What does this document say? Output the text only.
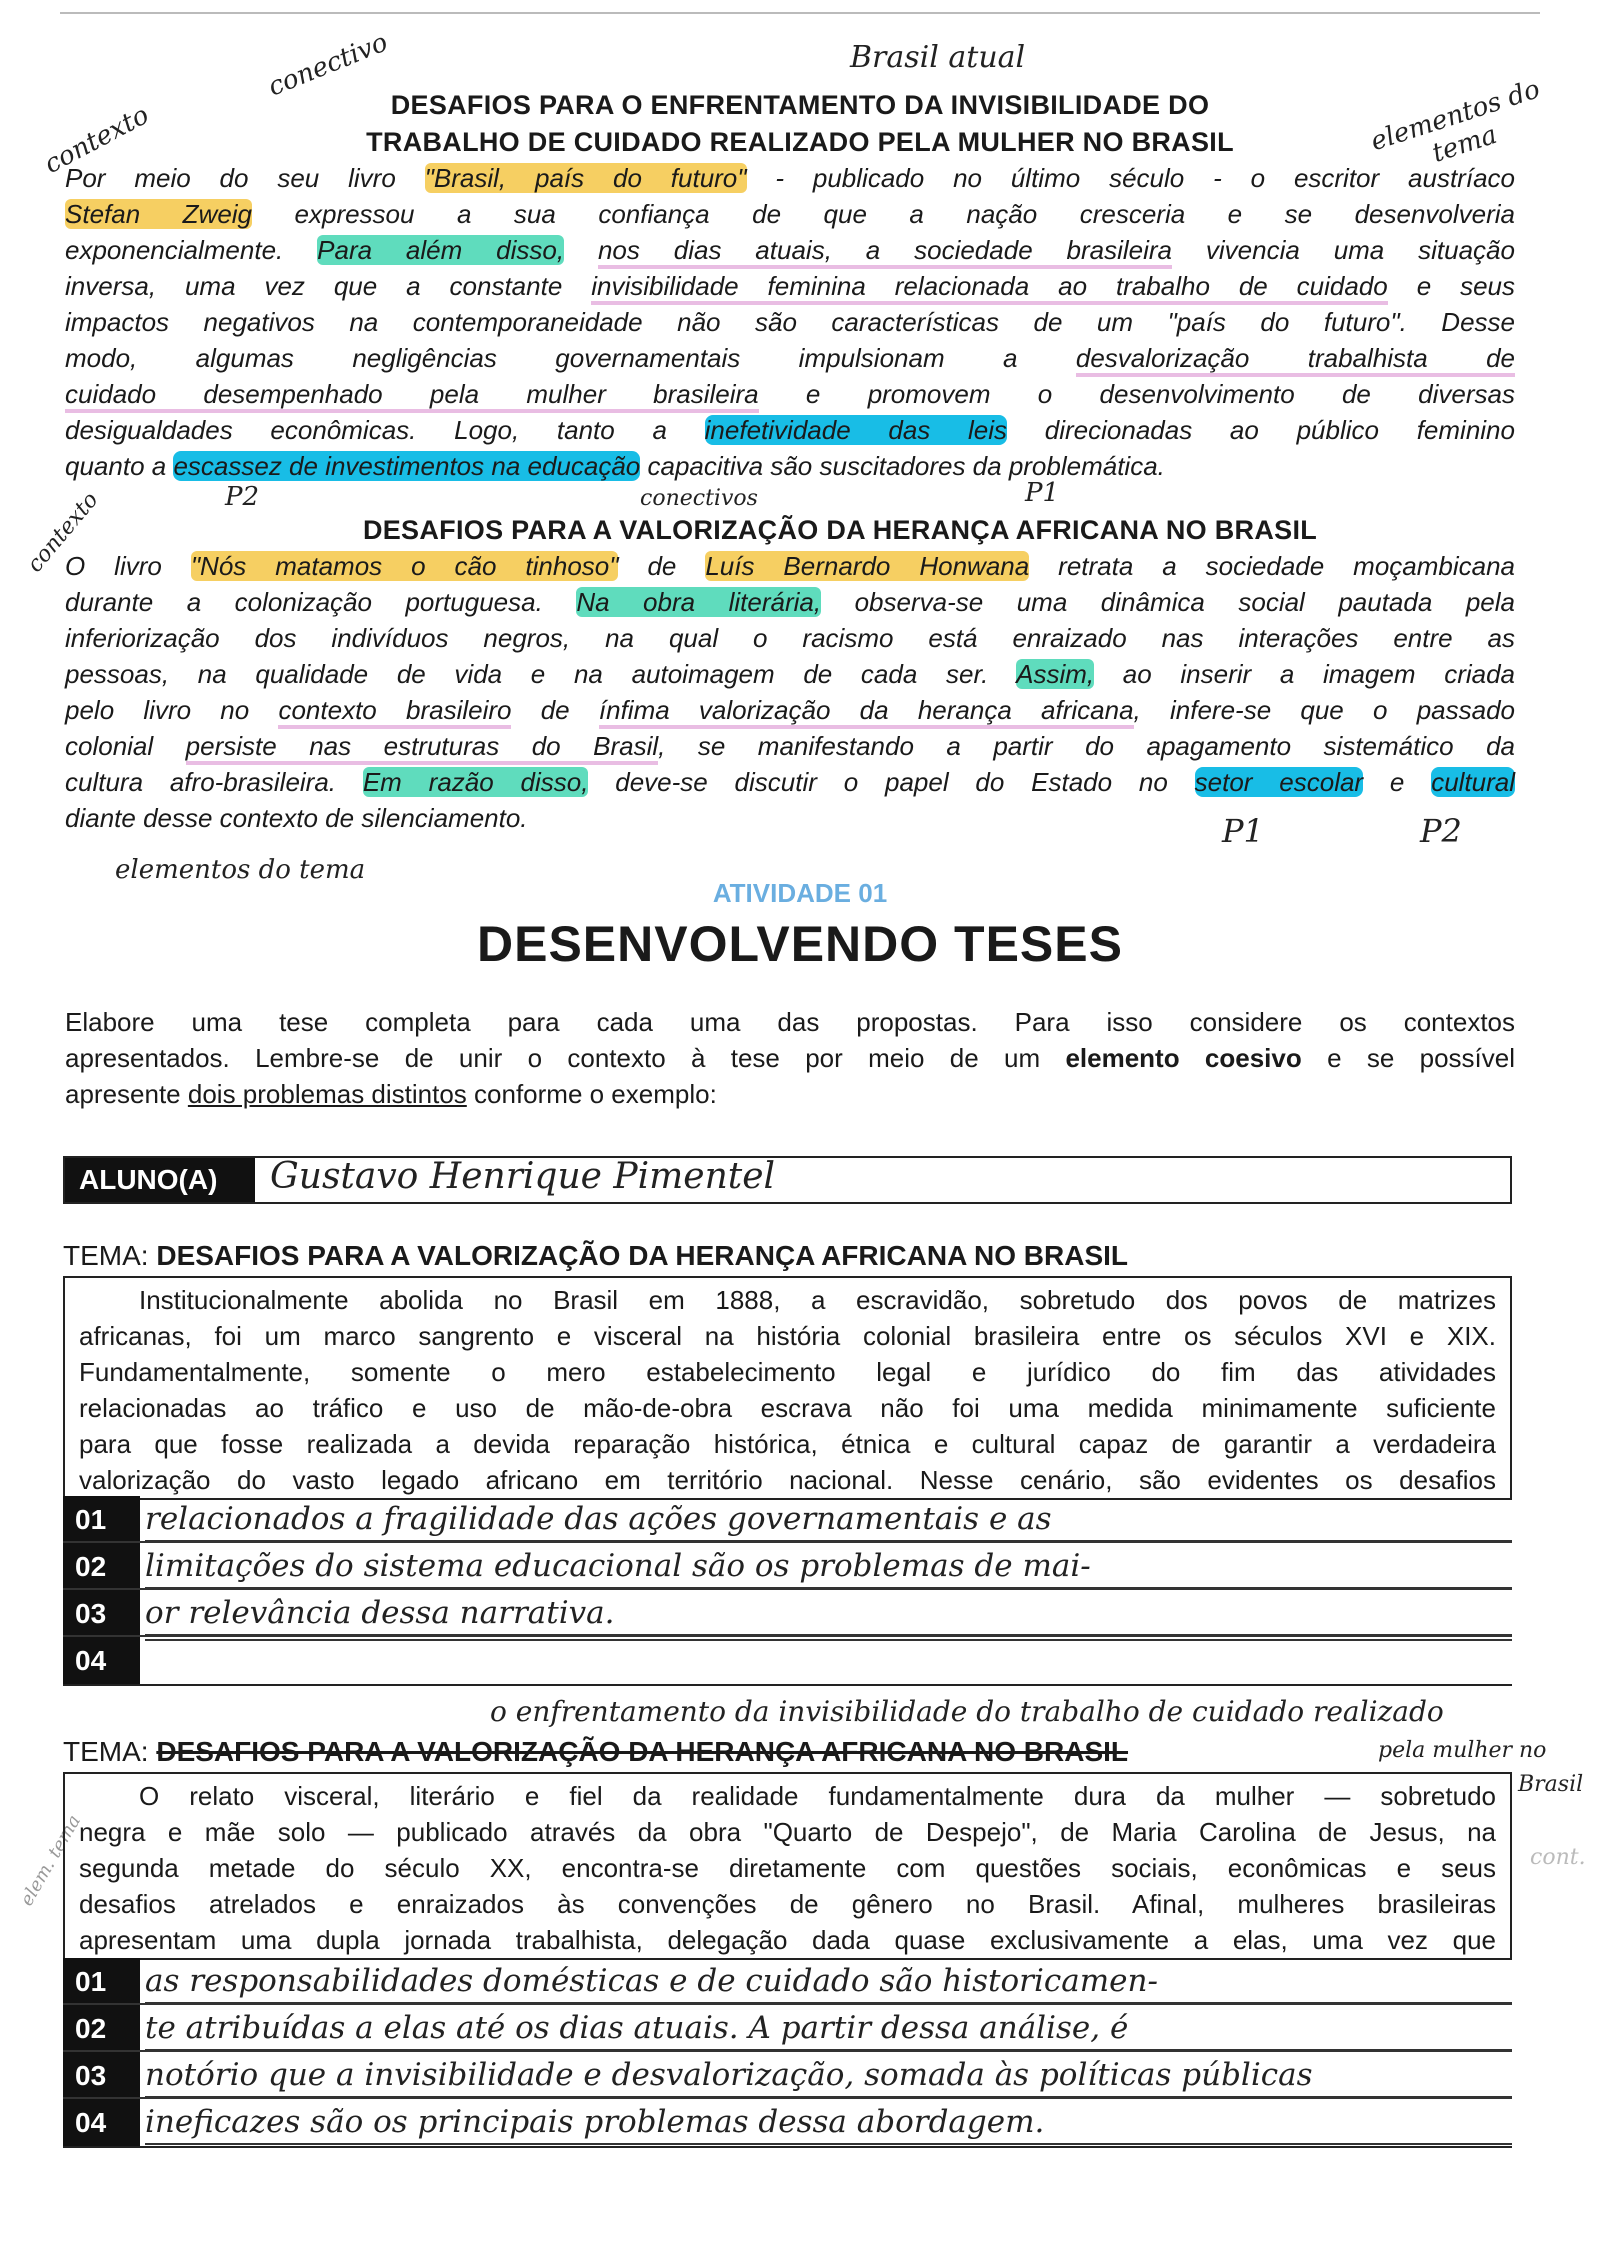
DESAFIOS PARA O ENFRENTAMENTO DA INVISIBILIDADE DO
TRABALHO DE CUIDADO REALIZADO PELA MULHER NO BRASIL
Por meio do seu livro "Brasil, país do futuro" - publicado no último século - o escritor austríaco
Stefan Zweig expressou a sua confiança de que a nação cresceria e se desenvolveria
exponencialmente. Para além disso, nos dias atuais, a sociedade brasileira vivencia uma situação
inversa, uma vez que a constante invisibilidade feminina relacionada ao trabalho de cuidado e seus
impactos negativos na contemporaneidade não são características de um "país do futuro". Desse
modo, algumas negligências governamentais impulsionam a desvalorização trabalhista de
cuidado desempenhado pela mulher brasileira e promovem o desenvolvimento de diversas
desigualdades econômicas. Logo, tanto a inefetividade das leis direcionadas ao público feminino
quanto a escassez de investimentos na educação capacitiva são suscitadores da problemática.
DESAFIOS PARA A VALORIZAÇÃO DA HERANÇA AFRICANA NO BRASIL
O livro "Nós matamos o cão tinhoso" de Luís Bernardo Honwana retrata a sociedade moçambicana
durante a colonização portuguesa. Na obra literária, observa-se uma dinâmica social pautada pela
inferiorização dos indivíduos negros, na qual o racismo está enraizado nas interações entre as
pessoas, na qualidade de vida e na autoimagem de cada ser. Assim, ao inserir a imagem criada
pelo livro no contexto brasileiro de ínfima valorização da herança africana, infere-se que o passado
colonial persiste nas estruturas do Brasil, se manifestando a partir do apagamento sistemático da
cultura afro-brasileira. Em razão disso, deve-se discutir o papel do Estado no setor escolar e cultural
diante desse contexto de silenciamento.
conectivo	Brasil atual
contexto	elementos do tema
P2	P1
conectivos
contexto
P1	P2
elementos do tema
elem. tema	cont.
ATIVIDADE 01
DESENVOLVENDO TESES
Elabore uma tese completa para cada uma das propostas. Para isso considere os contextos
apresentados. Lembre-se de unir o contexto à tese por meio de um elemento coesivo e se possível
apresente dois problemas distintos conforme o exemplo:
ALUNO(A)	Gustavo Henrique Pimentel
TEMA: DESAFIOS PARA A VALORIZAÇÃO DA HERANÇA AFRICANA NO BRASIL
Institucionalmente abolida no Brasil em 1888, a escravidão, sobretudo dos povos de matrizes
africanas, foi um marco sangrento e visceral na história colonial brasileira entre os séculos XVI e XIX.
Fundamentalmente, somente o mero estabelecimento legal e jurídico do fim das atividades
relacionadas ao tráfico e uso de mão-de-obra escrava não foi uma medida minimamente suficiente
para que fosse realizada a devida reparação histórica, étnica e cultural capaz de garantir a verdadeira
valorização do vasto legado africano em território nacional. Nesse cenário, são evidentes os desafios
01	relacionados a fragilidade das ações governamentais e as
02	limitações do sistema educacional são os problemas de mai-
03	or relevância dessa narrativa.
04
o enfrentamento da invisibilidade do trabalho de cuidado realizado
TEMA: DESAFIOS PARA A VALORIZAÇÃO DA HERANÇA AFRICANA NO BRASIL	pela mulher no
Brasil
O relato visceral, literário e fiel da realidade fundamentalmente dura da mulher — sobretudo
negra e mãe solo — publicado através da obra "Quarto de Despejo", de Maria Carolina de Jesus, na
segunda metade do século XX, encontra-se diretamente com questões sociais, econômicas e seus
desafios atrelados e enraizados às convenções de gênero no Brasil. Afinal, mulheres brasileiras
apresentam uma dupla jornada trabalhista, delegação dada quase exclusivamente a elas, uma vez que
01	as responsabilidades domésticas e de cuidado são historicamen-
02	te atribuídas a elas até os dias atuais. A partir dessa análise, é
03	notório que a invisibilidade e desvalorização, somada às políticas públicas
04	ineficazes são os principais problemas dessa abordagem.
